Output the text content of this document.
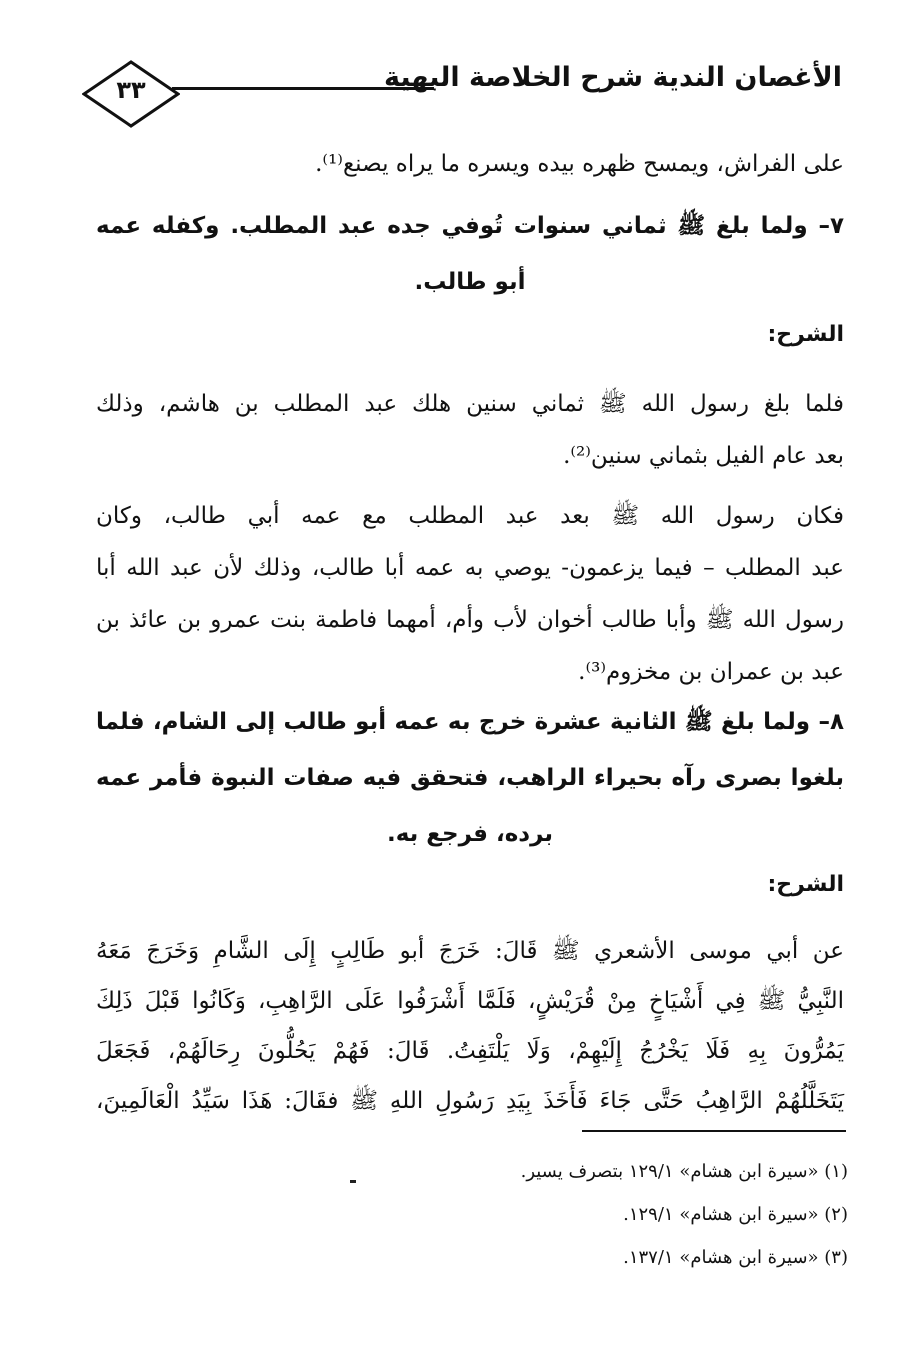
الأغصان الندية شرح الخلاصة البهية
٣٣

على الفراش، ويمسح ظهره بيده ويسره ما يراه يصنع⁽¹⁾.

٧– ولما بلغ ﷺ ثماني سنوات تُوفي جده عبد المطلب. وكفله عمه
أبو طالب.

الشرح:

فلما بلغ رسول الله ﷺ ثماني سنين هلك عبد المطلب بن هاشم، وذلك
بعد عام الفيل بثماني سنين⁽²⁾.

فكان رسول الله ﷺ بعد عبد المطلب مع عمه أبي طالب، وكان
عبد المطلب – فيما يزعمون- يوصي به عمه أبا طالب، وذلك لأن عبد الله أبا
رسول الله ﷺ وأبا طالب أخوان لأب وأم، أمهما فاطمة بنت عمرو بن عائذ بن
عبد بن عمران بن مخزوم⁽³⁾.

٨– ولما بلغ ﷺ الثانية عشرة خرج به عمه أبو طالب إلى الشام، فلما
بلغوا بصرى رآه بحيراء الراهب، فتحقق فيه صفات النبوة فأمر عمه
برده، فرجع به.

الشرح:

عن أبي موسى الأشعري ﷺ قَالَ: خَرَجَ أبو طَالِبٍ إِلَى الشَّامِ وَخَرَجَ مَعَهُ
النَّبِيُّ ﷺ فِي أَشْيَاخٍ مِنْ قُرَيْشٍ، فَلَمَّا أَشْرَفُوا عَلَى الرَّاهِبِ، وَكَانُوا قَبْلَ ذَلِكَ
يَمُرُّونَ بِهِ فَلَا يَخْرُجُ إِلَيْهِمْ، وَلَا يَلْتَفِتُ. قَالَ: فَهُمْ يَحُلُّونَ رِحَالَهُمْ، فَجَعَلَ
يَتَخَلَّلُهُمْ الرَّاهِبُ حَتَّى جَاءَ فَأَخَذَ بِيَدِ رَسُولِ اللهِ ﷺ فقَالَ: هَذَا سَيِّدُ الْعَالَمِينَ،

(١) «سيرة ابن هشام» ١٢٩/١ بتصرف يسير.
(٢) «سيرة ابن هشام» ١٢٩/١.
(٣) «سيرة ابن هشام» ١٣٧/١.
